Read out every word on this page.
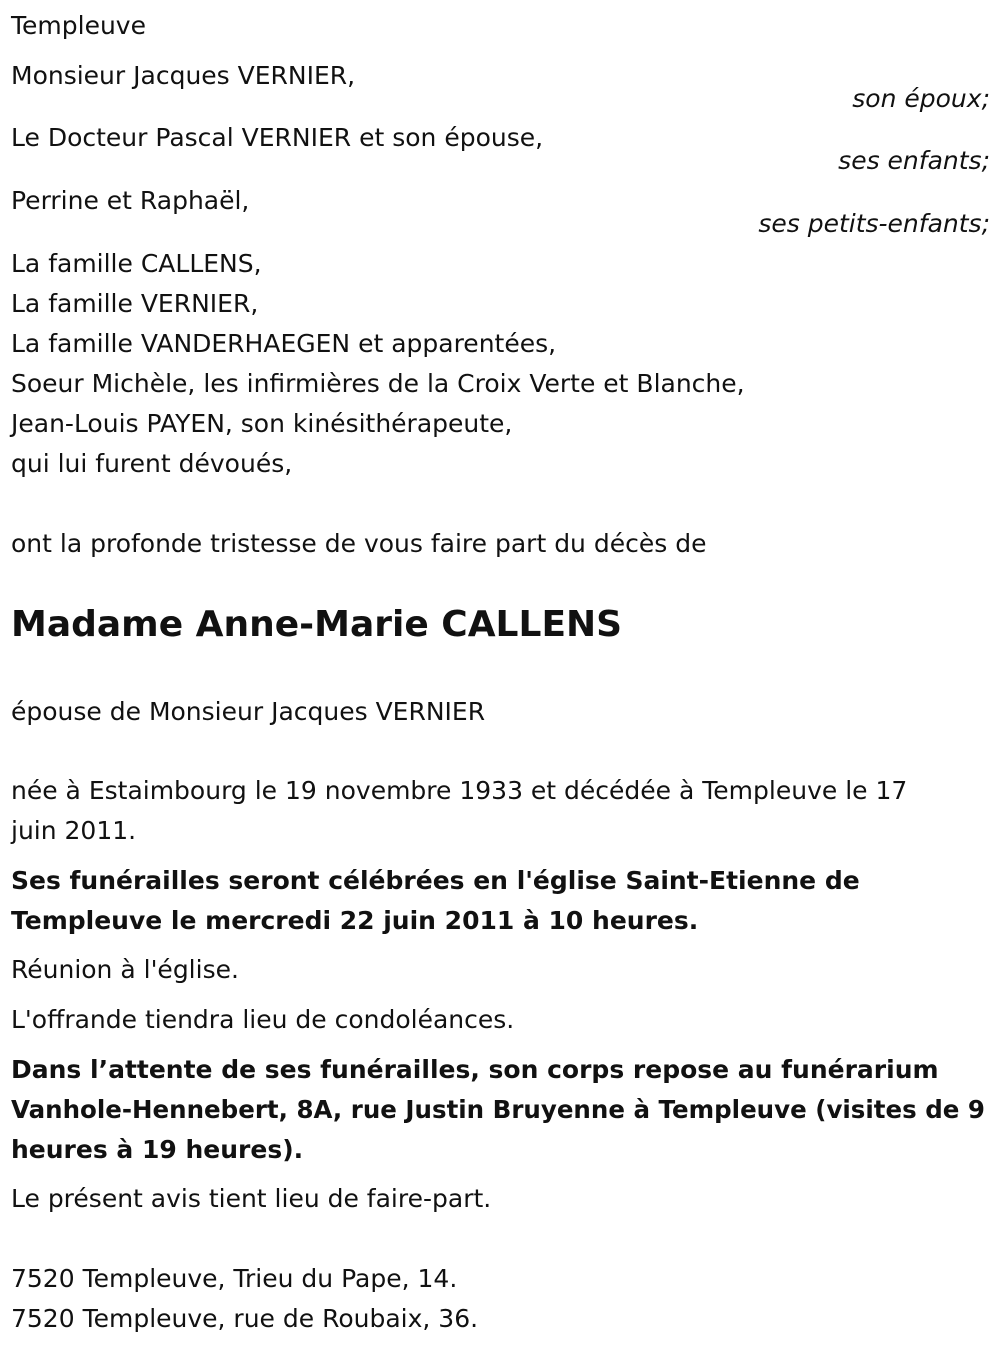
Templeuve
Monsieur Jacques VERNIER,
son époux;
Le Docteur Pascal VERNIER et son épouse,
ses enfants;
Perrine et Raphaël,
ses petits-enfants;
La famille CALLENS,
La famille VERNIER,
La famille VANDERHAEGEN et apparentées,
Soeur Michèle, les infirmières de la Croix Verte et Blanche,
Jean-Louis PAYEN, son kinésithérapeute,
qui lui furent dévoués,
ont la profonde tristesse de vous faire part du décès de
Madame Anne-Marie CALLENS
épouse de Monsieur Jacques VERNIER
née à Estaimbourg le 19 novembre 1933 et décédée à Templeuve le 17
juin 2011.
Ses funérailles seront célébrées en l'église Saint-Etienne de
Templeuve le mercredi 22 juin 2011 à 10 heures.
Réunion à l'église.
L'offrande tiendra lieu de condoléances.
Dans l’attente de ses funérailles, son corps repose au funérarium
Vanhole-Hennebert, 8A, rue Justin Bruyenne à Templeuve (visites de 9
heures à 19 heures).
Le présent avis tient lieu de faire-part.
7520 Templeuve, Trieu du Pape, 14.
7520 Templeuve, rue de Roubaix, 36.
